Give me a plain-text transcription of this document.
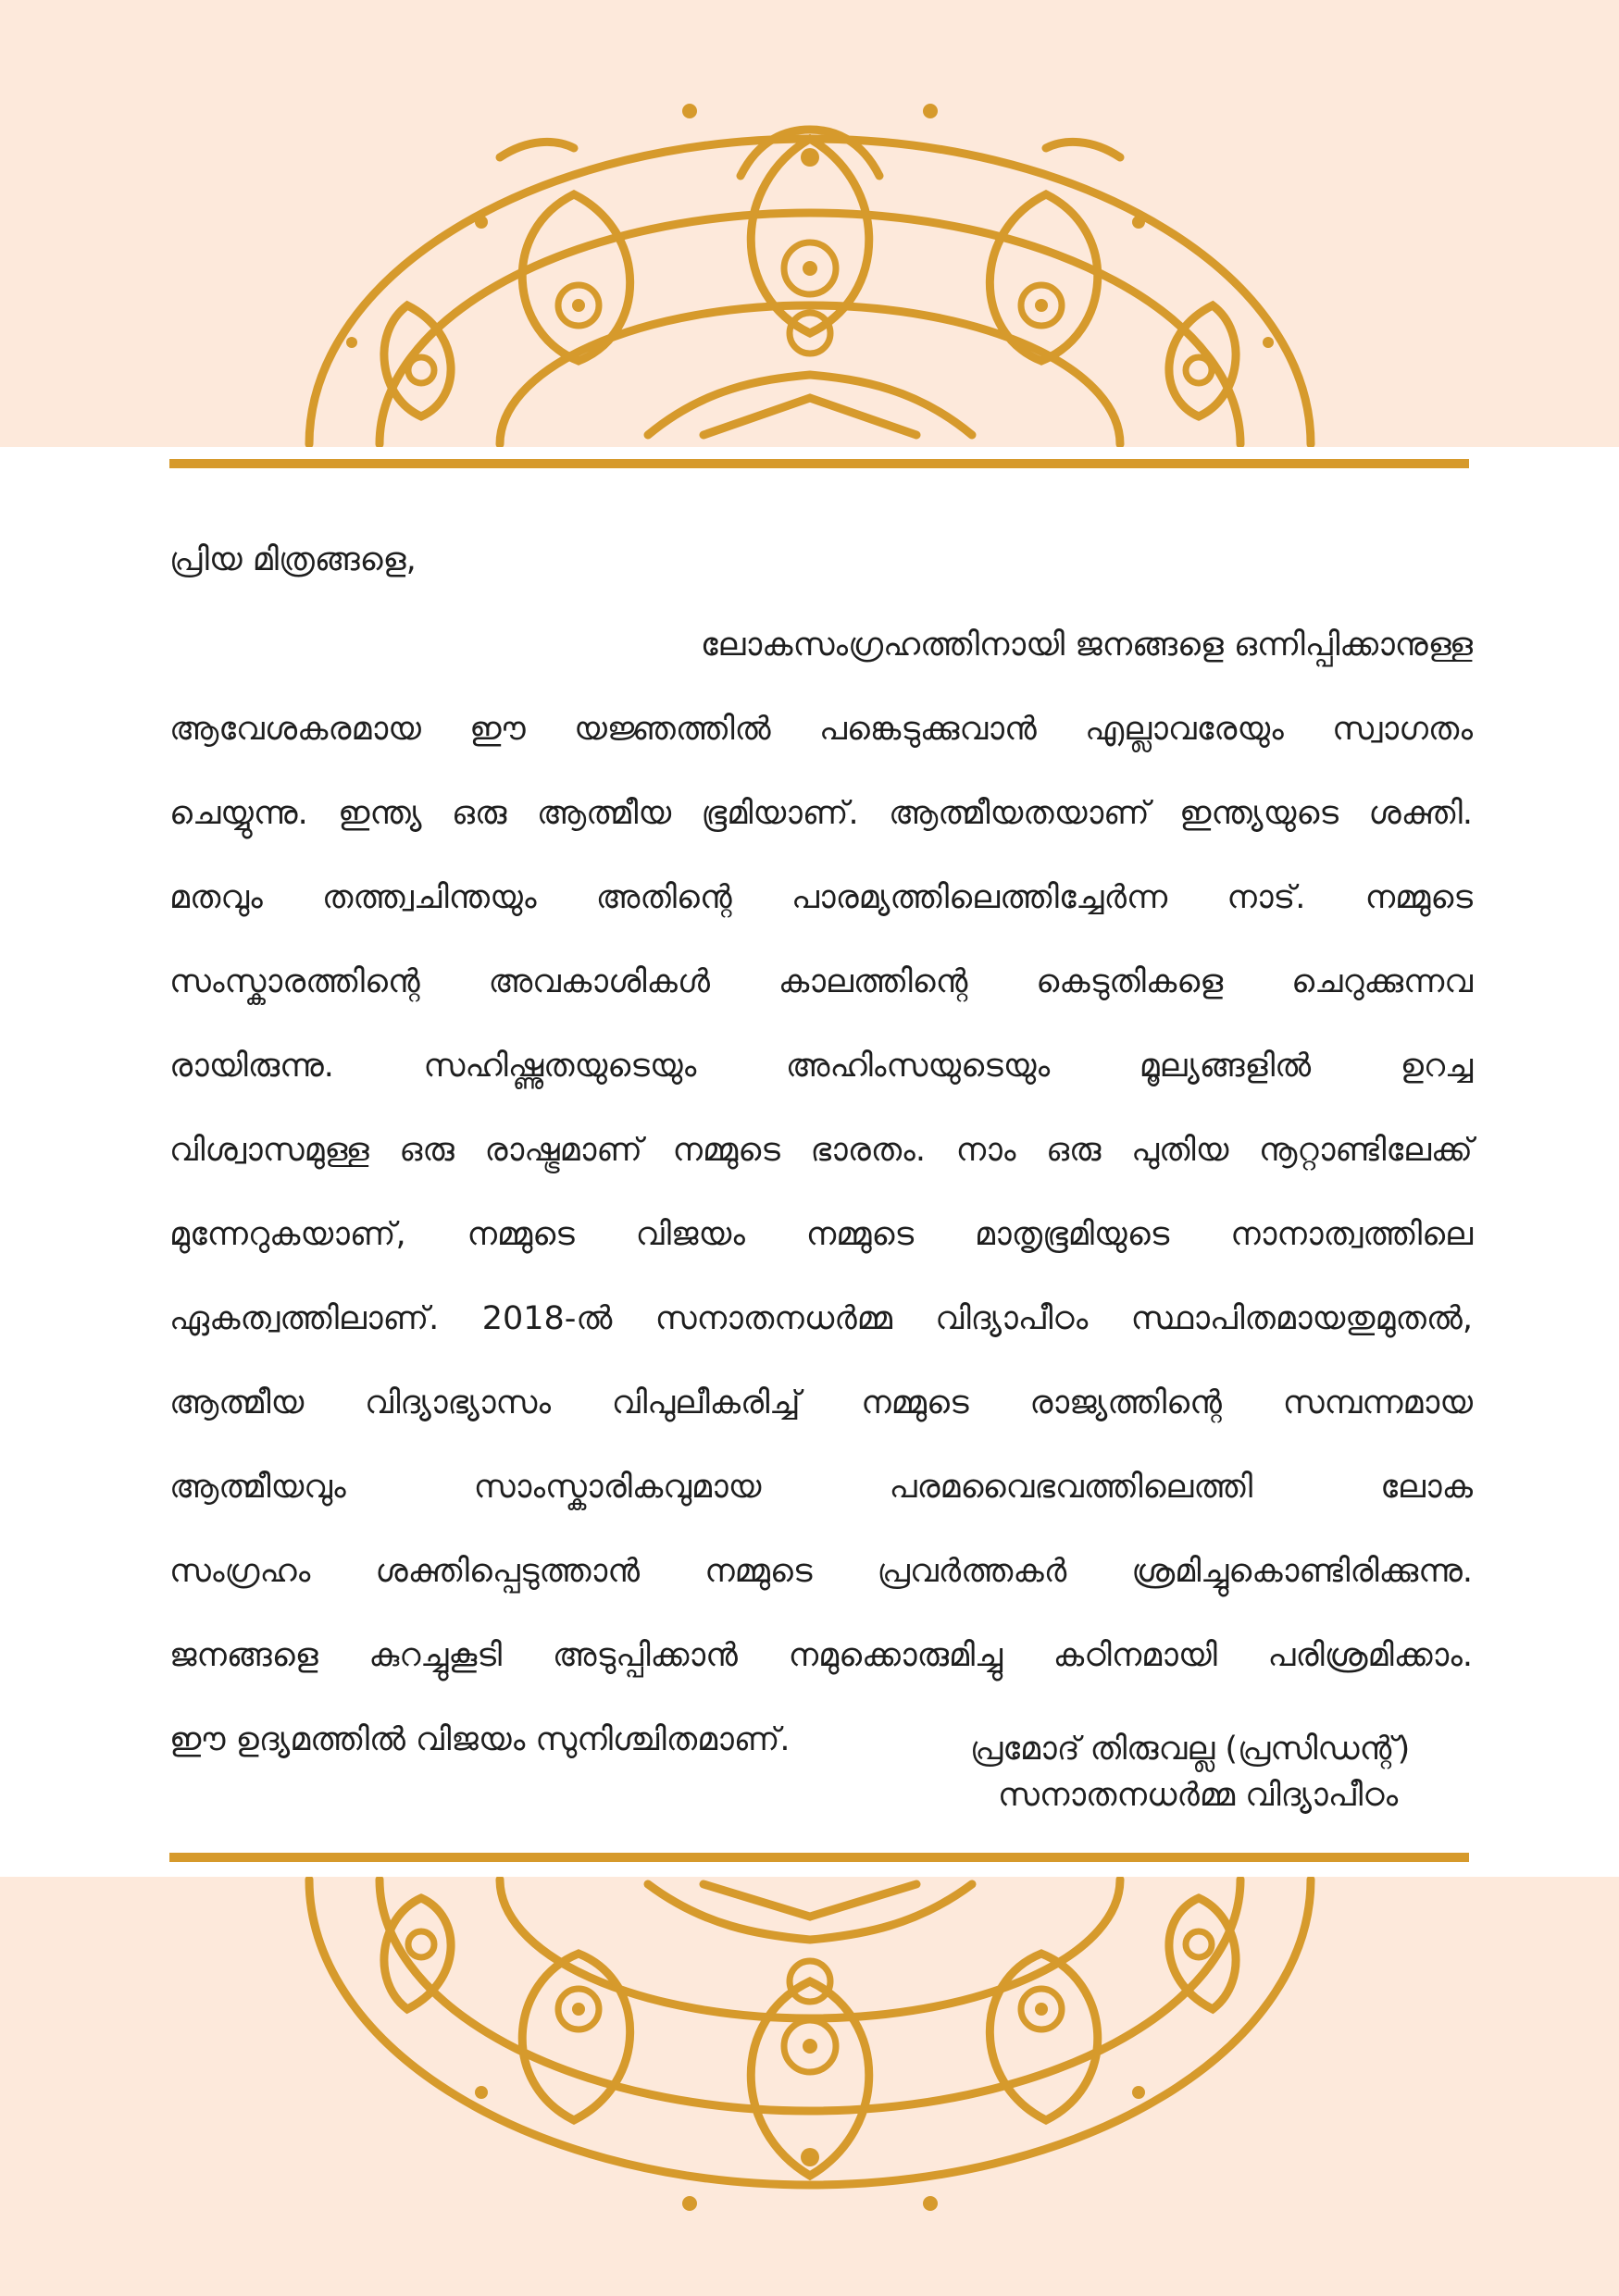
പ്രിയ മിത്രങ്ങളെ,

ലോകസംഗ്രഹത്തിനായി ജനങ്ങളെ ഒന്നിപ്പിക്കാനുള്ള
ആവേശകരമായ ഈ യജ്ഞത്തിൽ പങ്കെടുക്കുവാൻ എല്ലാവരേയും സ്വാഗതം
ചെയ്യുന്നു. ഇന്ത്യ ഒരു ആത്മീയ ഭൂമിയാണ്. ആത്മീയതയാണ് ഇന്ത്യയുടെ ശക്തി.
മതവും തത്ത്വചിന്തയും അതിന്റെ പാരമ്യത്തിലെത്തിച്ചേർന്ന നാട്. നമ്മുടെ
സംസ്കാരത്തിന്റെ അവകാശികൾ കാലത്തിന്റെ കെടുതികളെ ചെറുക്കുന്നവ
രായിരുന്നു. സഹിഷ്ണുതയുടെയും അഹിംസയുടെയും മൂല്യങ്ങളിൽ ഉറച്ച
വിശ്വാസമുള്ള ഒരു രാഷ്ട്രമാണ് നമ്മുടെ ഭാരതം. നാം ഒരു പുതിയ നൂറ്റാണ്ടിലേക്ക്
മുന്നേറുകയാണ്, നമ്മുടെ വിജയം നമ്മുടെ മാതൃഭൂമിയുടെ നാനാത്വത്തിലെ
ഏകത്വത്തിലാണ്. 2018-ൽ സനാതനധർമ്മ വിദ്യാപീഠം സ്ഥാപിതമായതുമുതൽ,
ആത്മീയ വിദ്യാഭ്യാസം വിപുലീകരിച്ച് നമ്മുടെ രാജ്യത്തിന്റെ സമ്പന്നമായ
ആത്മീയവും സാംസ്കാരികവുമായ പരമവൈഭവത്തിലെത്തി ലോക
സംഗ്രഹം ശക്തിപ്പെടുത്താൻ നമ്മുടെ പ്രവർത്തകർ ശ്രമിച്ചുകൊണ്ടിരിക്കുന്നു.
ജനങ്ങളെ കുറച്ചുകൂടി അടുപ്പിക്കാൻ നമുക്കൊരുമിച്ചു കഠിനമായി പരിശ്രമിക്കാം.
ഈ ഉദ്യമത്തിൽ വിജയം സുനിശ്ചിതമാണ്.	പ്രമോദ് തിരുവല്ല (പ്രസിഡന്റ്)
സനാതനധർമ്മ വിദ്യാപീഠം
